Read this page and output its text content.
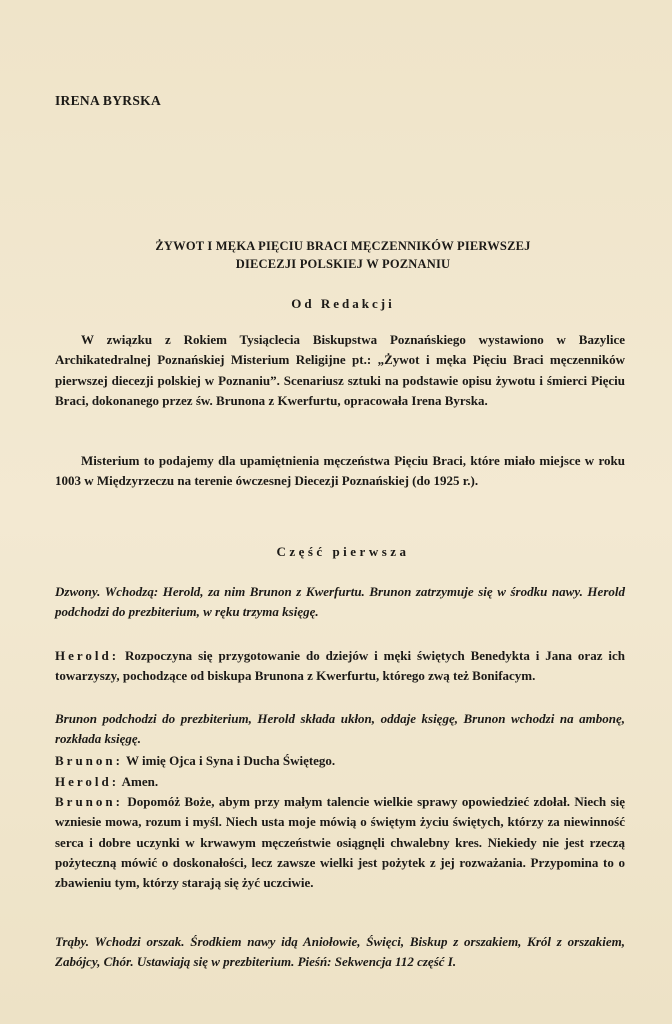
IRENA BYRSKA
ŻYWOT I MĘKA PIĘCIU BRACI MĘCZENNIKÓW PIERWSZEJ
DIECEZJI POLSKIEJ W POZNANIU
Od Redakcji
W związku z Rokiem Tysiąclecia Biskupstwa Poznańskiego wystawiono w Bazylice Archikatedralnej Poznańskiej Misterium Religijne pt.: „Żywot i męka Pięciu Braci męczenników pierwszej diecezji polskiej w Poznaniu”. Scenariusz sztuki na podstawie opisu żywotu i śmierci Pięciu Braci, dokonanego przez św. Brunona z Kwerfurtu, opracowała Irena Byrska.
Misterium to podajemy dla upamiętnienia męczeństwa Pięciu Braci, które miało miejsce w roku 1003 w Międzyrzeczu na terenie ówczesnej Diecezji Poznańskiej (do 1925 r.).
Część pierwsza
Dzwony. Wchodzą: Herold, za nim Brunon z Kwerfurtu. Brunon zatrzymuje się w środku nawy. Herold podchodzi do prezbiterium, w ręku trzyma księgę.
Herold: Rozpoczyna się przygotowanie do dziejów i męki świętych Benedykta i Jana oraz ich towarzyszy, pochodzące od biskupa Brunona z Kwerfurtu, którego zwą też Bonifacym.
Brunon podchodzi do prezbiterium, Herold składa ukłon, oddaje księgę, Brunon wchodzi na ambonę, rozkłada księgę.
Brunon: W imię Ojca i Syna i Ducha Świętego.
Herold: Amen.
Brunon: Dopomóż Boże, abym przy małym talencie wielkie sprawy opowiedzieć zdołał. Niech się wzniesie mowa, rozum i myśl. Niech usta moje mówią o świętym życiu świętych, którzy za niewinność serca i dobre uczynki w krwawym męczeństwie osiągnęli chwalebny kres. Niekiedy nie jest rzeczą pożyteczną mówić o doskonałości, lecz zawsze wielki jest pożytek z jej rozważania. Przypomina to o zbawieniu tym, którzy starają się żyć uczciwie.
Trąby. Wchodzi orszak. Środkiem nawy idą Aniołowie, Święci, Biskup z orszakiem, Król z orszakiem, Zabójcy, Chór. Ustawiają się w prezbiterium. Pieśń: Sekwencja 112 część I.
